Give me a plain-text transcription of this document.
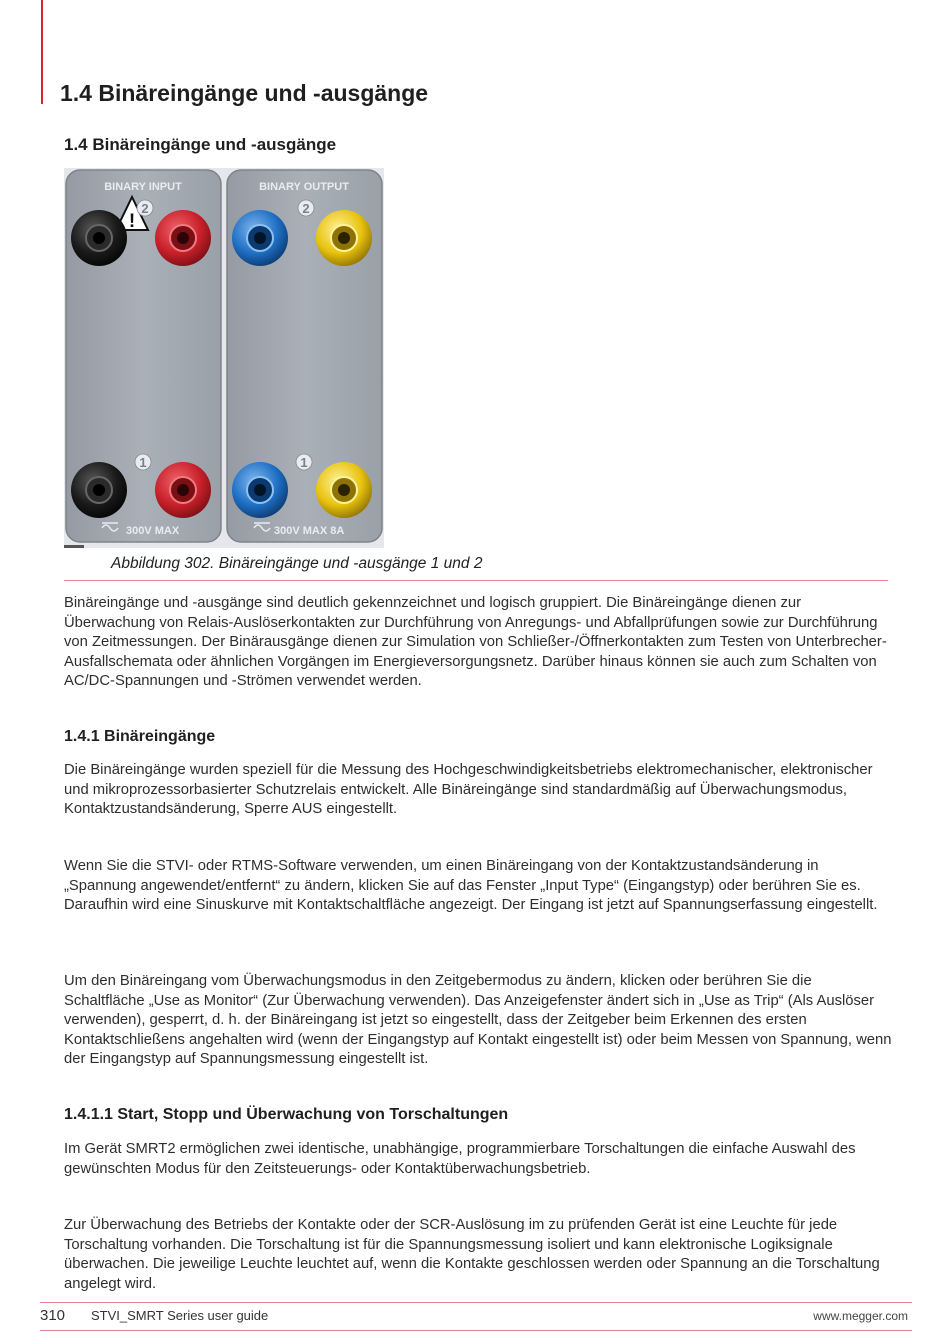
1.4 Binäreingänge und -ausgänge
1.4 Binäreingänge und -ausgänge
BINARY INPUT	BINARY OUTPUT
!
2	2
1	1
300V MAX	300V MAX 8A
Abbildung 302. Binäreingänge und -ausgänge 1 und 2

Binäreingänge und -ausgänge sind deutlich gekennzeichnet und logisch gruppiert. Die Binäreingänge dienen zur Überwachung von Relais-Auslöserkontakten zur Durchführung von Anregungs- und Abfallprüfungen sowie zur Durchführung von Zeitmessungen. Der Binärausgänge dienen zur Simulation von Schließer-/Öffnerkontakten zum Testen von Unterbrecher-Ausfallschemata oder ähnlichen Vorgängen im Energieversorgungsnetz. Darüber hinaus können sie auch zum Schalten von AC/DC-Spannungen und -Strömen verwendet werden.

1.4.1 Binäreingänge

Die Binäreingänge wurden speziell für die Messung des Hochgeschwindigkeitsbetriebs elektromechanischer, elektronischer und mikroprozessorbasierter Schutzrelais entwickelt. Alle Binäreingänge sind standardmäßig auf Überwachungsmodus, Kontaktzustandsänderung, Sperre AUS eingestellt.

Wenn Sie die STVI- oder RTMS-Software verwenden, um einen Binäreingang von der Kontaktzustandsänderung in „Spannung angewendet/entfernt“ zu ändern, klicken Sie auf das Fenster „Input Type“ (Eingangstyp) oder berühren Sie es. Daraufhin wird eine Sinuskurve mit Kontaktschaltfläche angezeigt. Der Eingang ist jetzt auf Spannungserfassung eingestellt.

Um den Binäreingang vom Überwachungsmodus in den Zeitgebermodus zu ändern, klicken oder berühren Sie die Schaltfläche „Use as Monitor“ (Zur Überwachung verwenden). Das Anzeigefenster ändert sich in „Use as Trip“ (Als Auslöser verwenden), gesperrt, d. h. der Binäreingang ist jetzt so eingestellt, dass der Zeitgeber beim Erkennen des ersten Kontaktschließens angehalten wird (wenn der Eingangstyp auf Kontakt eingestellt ist) oder beim Messen von Spannung, wenn der Eingangstyp auf Spannungsmessung eingestellt ist.

1.4.1.1 Start, Stopp und Überwachung von Torschaltungen

Im Gerät SMRT2 ermöglichen zwei identische, unabhängige, programmierbare Torschaltungen die einfache Auswahl des gewünschten Modus für den Zeitsteuerungs- oder Kontaktüberwachungsbetrieb.

Zur Überwachung des Betriebs der Kontakte oder der SCR-Auslösung im zu prüfenden Gerät ist eine Leuchte für jede Torschaltung vorhanden. Die Torschaltung ist für die Spannungsmessung isoliert und kann elektronische Logiksignale überwachen. Die jeweilige Leuchte leuchtet auf, wenn die Kontakte geschlossen werden oder Spannung an die Torschaltung angelegt wird.

310 STVI_SMRT Series user guide	www.megger.com
